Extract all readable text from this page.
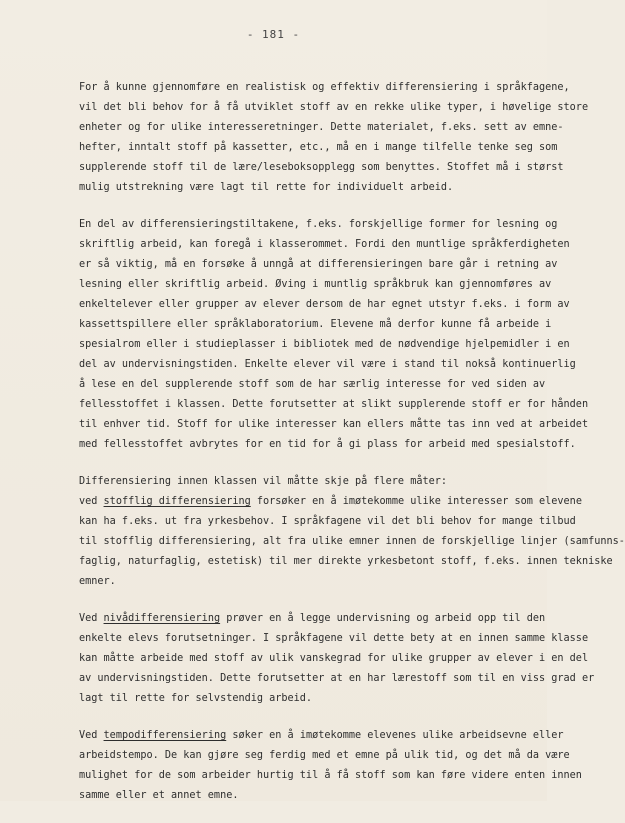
- 181 -
For å kunne gjennomføre en realistisk og effektiv differensiering i språkfagene,
vil det bli behov for å få utviklet stoff av en rekke ulike typer, i høvelige store
enheter og for ulike interesseretninger. Dette materialet, f.eks. sett av emne-
hefter, inntalt stoff på kassetter, etc., må en i mange tilfelle tenke seg som
supplerende stoff til de lære/leseboksopplegg som benyttes. Stoffet må i størst
mulig utstrekning være lagt til rette for individuelt arbeid.
En del av differensieringstiltakene, f.eks. forskjellige former for lesning og
skriftlig arbeid, kan foregå i klasserommet. Fordi den muntlige språkferdigheten
er så viktig, må en forsøke å unngå at differensieringen bare går i retning av
lesning eller skriftlig arbeid. Øving i muntlig språkbruk kan gjennomføres av
enkeltelever eller grupper av elever dersom de har egnet utstyr f.eks. i form av
kassettspillere eller språklaboratorium. Elevene må derfor kunne få arbeide i
spesialrom eller i studieplasser i bibliotek med de nødvendige hjelpemidler i en
del av undervisningstiden. Enkelte elever vil være i stand til nokså kontinuerlig
å lese en del supplerende stoff som de har særlig interesse for ved siden av
fellesstoffet i klassen. Dette forutsetter at slikt supplerende stoff er for hånden
til enhver tid. Stoff for ulike interesser kan ellers måtte tas inn ved at arbeidet
med fellesstoffet avbrytes for en tid for å gi plass for arbeid med spesialstoff.
Differensiering innen klassen vil måtte skje på flere måter:
ved stofflig differensiering forsøker en å imøtekomme ulike interesser som elevene
kan ha f.eks. ut fra yrkesbehov. I språkfagene vil det bli behov for mange tilbud
til stofflig differensiering, alt fra ulike emner innen de forskjellige linjer (samfunns-
faglig, naturfaglig, estetisk) til mer direkte yrkesbetont stoff, f.eks. innen tekniske
emner.
Ved nivådifferensiering prøver en å legge undervisning og arbeid opp til den
enkelte elevs forutsetninger. I språkfagene vil dette bety at en innen samme klasse
kan måtte arbeide med stoff av ulik vanskegrad for ulike grupper av elever i en del
av undervisningstiden. Dette forutsetter at en har lærestoff som til en viss grad er
lagt til rette for selvstendig arbeid.
Ved tempodifferensiering søker en å imøtekomme elevenes ulike arbeidsevne eller
arbeidstempo. De kan gjøre seg ferdig med et emne på ulik tid, og det må da være
mulighet for de som arbeider hurtig til å få stoff som kan føre videre enten innen
samme eller et annet emne.
